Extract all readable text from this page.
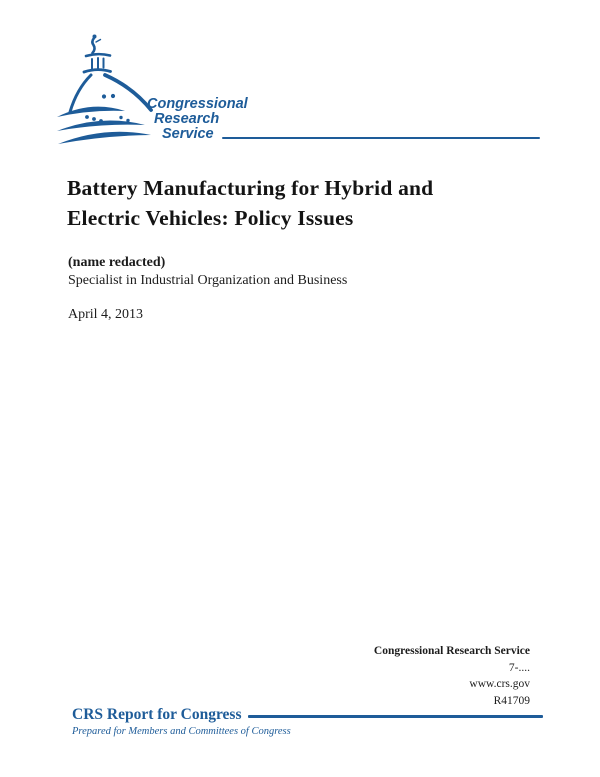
Congressional
Research
Service
Battery Manufacturing for Hybrid and
Electric Vehicles: Policy Issues
(name redacted)
Specialist in Industrial Organization and Business
April 4, 2013
Congressional Research Service
7-....
www.crs.gov
R41709
CRS Report for Congress
Prepared for Members and Committees of Congress
